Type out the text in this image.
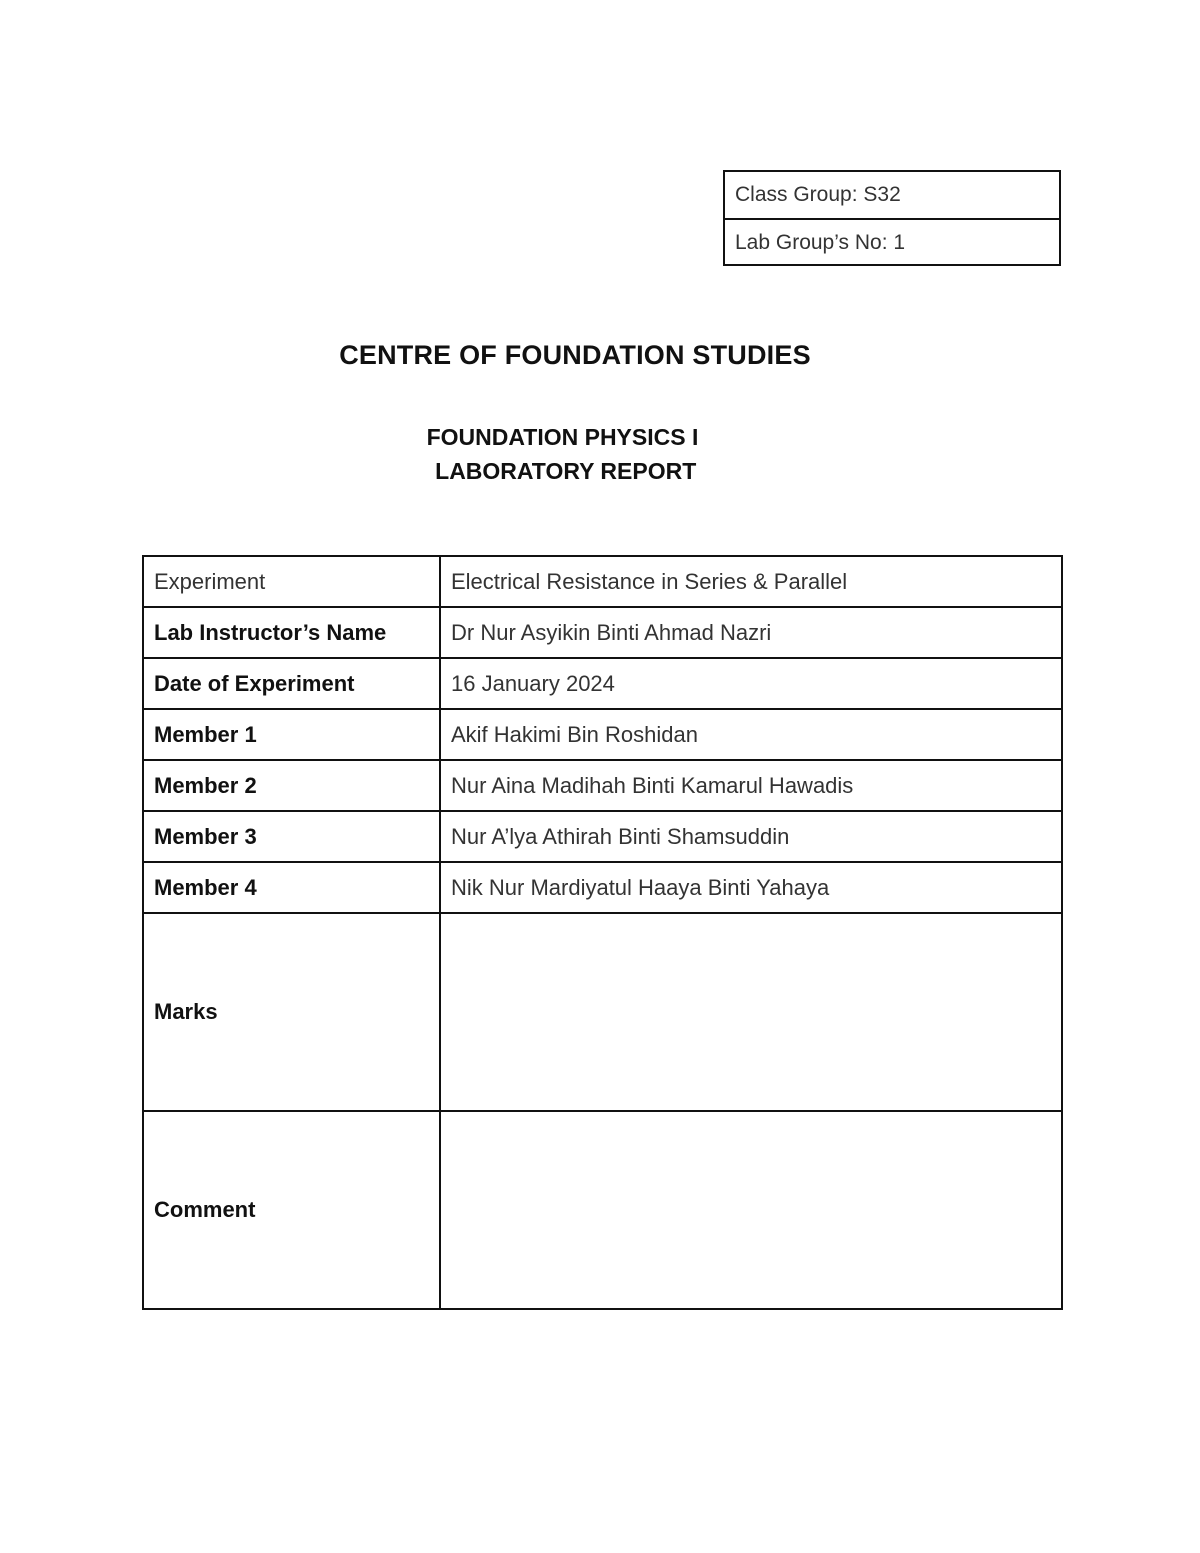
Class Group: S32
Lab Group’s No: 1
CENTRE OF FOUNDATION STUDIES
FOUNDATION PHYSICS I
LABORATORY REPORT
Experiment	Electrical Resistance in Series & Parallel
Lab Instructor’s Name	Dr Nur Asyikin Binti Ahmad Nazri
Date of Experiment	16 January 2024
Member 1	Akif Hakimi Bin Roshidan
Member 2	Nur Aina Madihah Binti Kamarul Hawadis
Member 3	Nur A’lya Athirah Binti Shamsuddin
Member 4	Nik Nur Mardiyatul Haaya Binti Yahaya
Marks	
Comment	
